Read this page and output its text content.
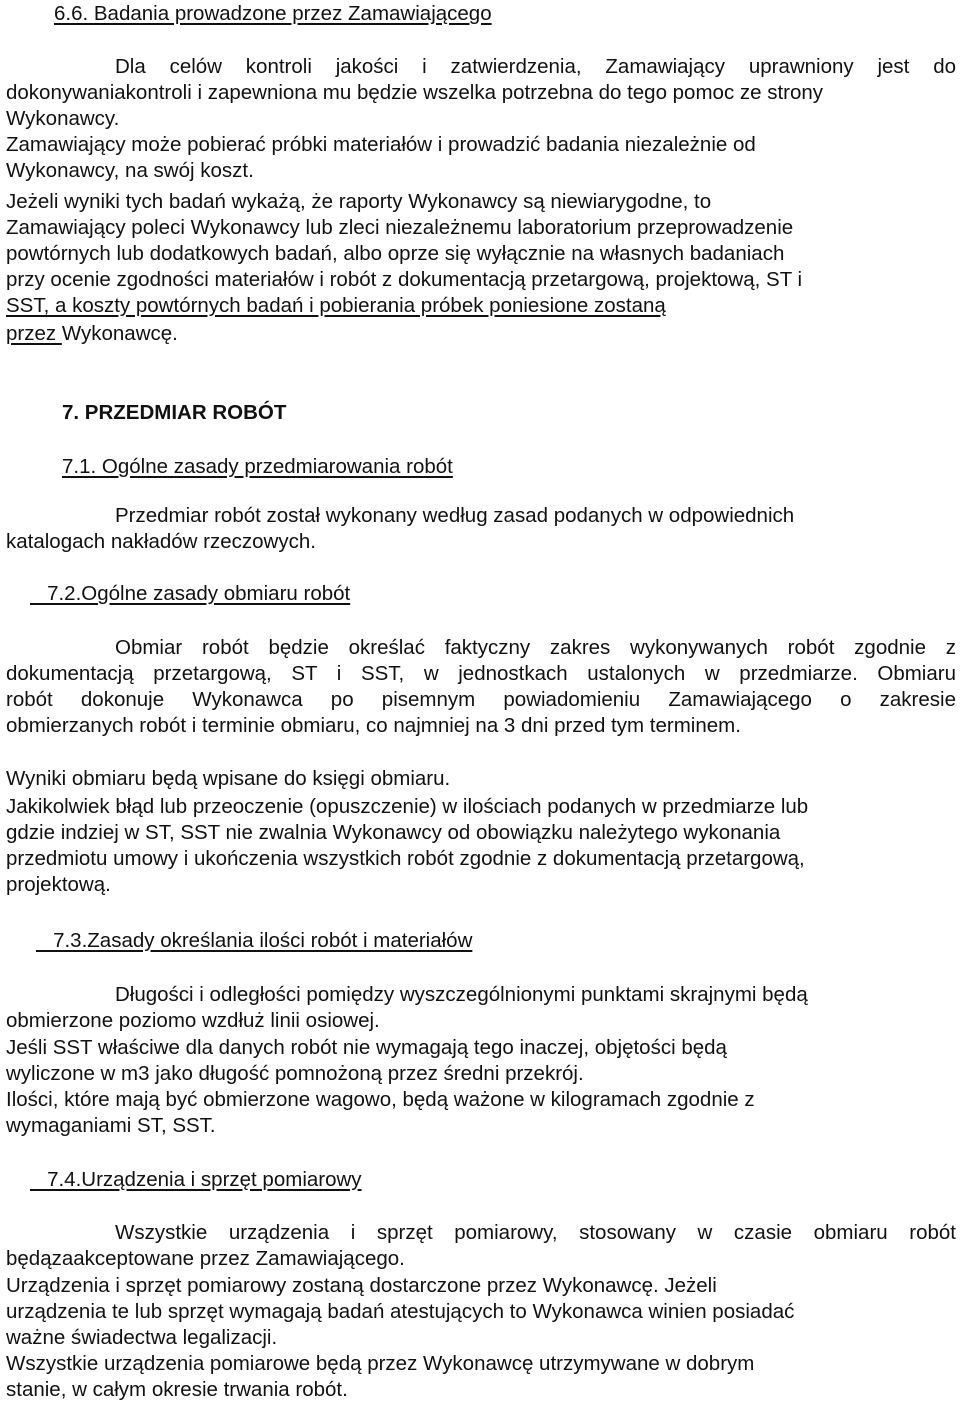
6.6. Badania prowadzone przez Zamawiającego
Dla celów kontroli jakości i zatwierdzenia, Zamawiający uprawniony jest do
dokonywaniakontroli i zapewniona mu będzie wszelka potrzebna do tego pomoc ze strony
Wykonawcy.
Zamawiający może pobierać próbki materiałów i prowadzić badania niezależnie od
Wykonawcy, na swój koszt.
Jeżeli wyniki tych badań wykażą, że raporty Wykonawcy są niewiarygodne, to
Zamawiający poleci Wykonawcy lub zleci niezależnemu laboratorium przeprowadzenie
powtórnych lub dodatkowych badań, albo oprze się wyłącznie na własnych badaniach
przy ocenie zgodności materiałów i robót z dokumentacją przetargową, projektową, ST i
SST, a koszty powtórnych badań i pobierania próbek poniesione zostaną
przez Wykonawcę.
7. PRZEDMIAR ROBÓT
7.1. Ogólne zasady przedmiarowania robót
Przedmiar robót został wykonany według zasad podanych w odpowiednich
katalogach nakładów rzeczowych.
7.2.Ogólne zasady obmiaru robót
Obmiar robót będzie określać faktyczny zakres wykonywanych robót zgodnie z
dokumentacją przetargową, ST i SST, w jednostkach ustalonych w przedmiarze. Obmiaru
robót dokonuje Wykonawca po pisemnym powiadomieniu Zamawiającego o zakresie
obmierzanych robót i terminie obmiaru, co najmniej na 3 dni przed tym terminem.
Wyniki obmiaru będą wpisane do księgi obmiaru.
Jakikolwiek błąd lub przeoczenie (opuszczenie) w ilościach podanych w przedmiarze lub
gdzie indziej w ST, SST nie zwalnia Wykonawcy od obowiązku należytego wykonania
przedmiotu umowy i ukończenia wszystkich robót zgodnie z dokumentacją przetargową,
projektową.
7.3.Zasady określania ilości robót i materiałów
Długości i odległości pomiędzy wyszczególnionymi punktami skrajnymi będą
obmierzone poziomo wzdłuż linii osiowej.
Jeśli SST właściwe dla danych robót nie wymagają tego inaczej, objętości będą
wyliczone w m3 jako długość pomnożoną przez średni przekrój.
Ilości, które mają być obmierzone wagowo, będą ważone w kilogramach zgodnie z
wymaganiami ST, SST.
7.4.Urządzenia i sprzęt pomiarowy
Wszystkie urządzenia i sprzęt pomiarowy, stosowany w czasie obmiaru robót
będązaakceptowane przez Zamawiającego.
Urządzenia i sprzęt pomiarowy zostaną dostarczone przez Wykonawcę. Jeżeli
urządzenia te lub sprzęt wymagają badań atestujących to Wykonawca winien posiadać
ważne świadectwa legalizacji.
Wszystkie urządzenia pomiarowe będą przez Wykonawcę utrzymywane w dobrym
stanie, w całym okresie trwania robót.
